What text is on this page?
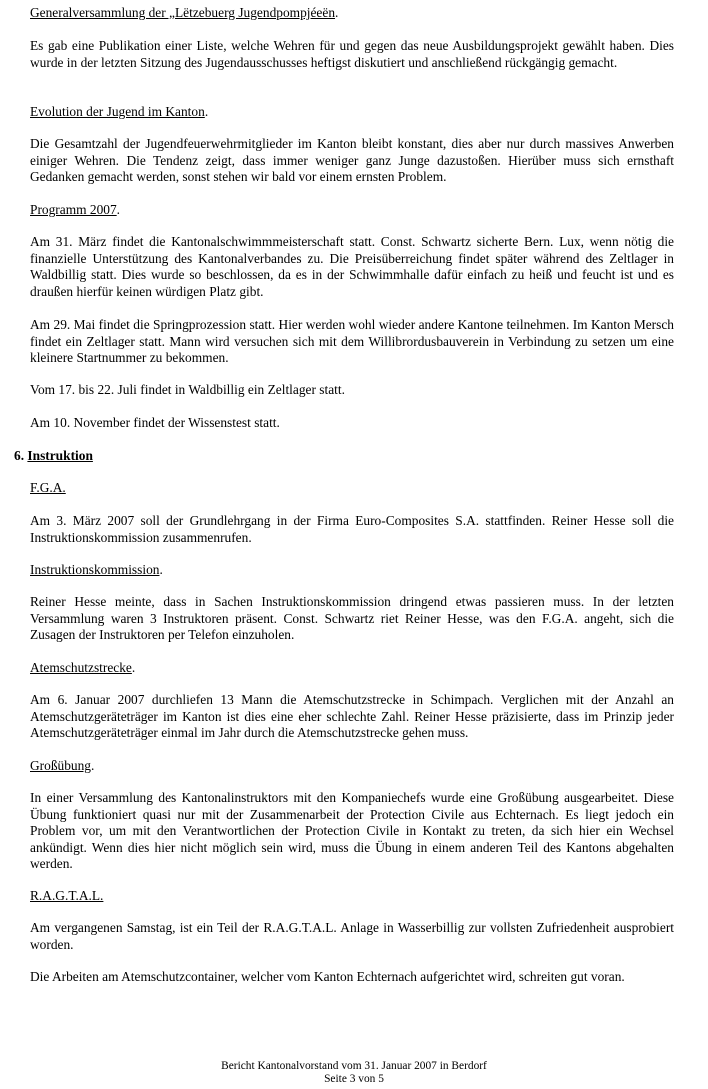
Generalversammlung der „Lëtzebuerg Jugendpompjéeën.

Es gab eine Publikation einer Liste, welche Wehren für und gegen das neue Ausbildungsprojekt gewählt haben. Dies wurde in der letzten Sitzung des Jugendausschusses heftigst diskutiert und anschließend rückgängig gemacht.

Evolution der Jugend im Kanton.

Die Gesamtzahl der Jugendfeuerwehrmitglieder im Kanton bleibt konstant, dies aber nur durch massives Anwerben einiger Wehren. Die Tendenz zeigt, dass immer weniger ganz Junge dazustoßen. Hierüber muss sich ernsthaft Gedanken gemacht werden, sonst stehen wir bald vor einem ernsten Problem.

Programm 2007.

Am 31. März findet die Kantonalschwimmmeisterschaft statt. Const. Schwartz sicherte Bern. Lux, wenn nötig die finanzielle Unterstützung des Kantonalverbandes zu. Die Preisüberreichung findet später während des Zeltlager in Waldbillig statt. Dies wurde so beschlossen, da es in der Schwimmhalle dafür einfach zu heiß und feucht ist und es draußen hierfür keinen würdigen Platz gibt.

Am 29. Mai findet die Springprozession statt. Hier werden wohl wieder andere Kantone teilnehmen. Im Kanton Mersch findet ein Zeltlager statt. Mann wird versuchen sich mit dem Willibrordusbauverein in Verbindung zu setzen um eine kleinere Startnummer zu bekommen.

Vom 17. bis 22. Juli findet in Waldbillig ein Zeltlager statt.

Am 10. November findet der Wissenstest statt.

6. Instruktion

F.G.A.

Am 3. März 2007 soll der Grundlehrgang in der Firma Euro-Composites S.A. stattfinden. Reiner Hesse soll die Instruktionskommission zusammenrufen.

Instruktionskommission.

Reiner Hesse meinte, dass in Sachen Instruktionskommission dringend etwas passieren muss. In der letzten Versammlung waren 3 Instruktoren präsent. Const. Schwartz riet Reiner Hesse, was den F.G.A. angeht, sich die Zusagen der Instruktoren per Telefon einzuholen.

Atemschutzstrecke.

Am 6. Januar 2007 durchliefen 13 Mann die Atemschutzstrecke in Schimpach. Verglichen mit der Anzahl an Atemschutzgeräteträger im Kanton ist dies eine eher schlechte Zahl. Reiner Hesse präzisierte, dass im Prinzip jeder Atemschutzgeräteträger einmal im Jahr durch die Atemschutzstrecke gehen muss.

Großübung.

In einer Versammlung des Kantonalinstruktors mit den Kompaniechefs wurde eine Großübung ausgearbeitet. Diese Übung funktioniert quasi nur mit der Zusammenarbeit der Protection Civile aus Echternach. Es liegt jedoch ein Problem vor, um mit den Verantwortlichen der Protection Civile in Kontakt zu treten, da sich hier ein Wechsel ankündigt. Wenn dies hier nicht möglich sein wird, muss die Übung in einem anderen Teil des Kantons abgehalten werden.

R.A.G.T.A.L.

Am vergangenen Samstag, ist ein Teil der R.A.G.T.A.L. Anlage in Wasserbillig zur vollsten Zufriedenheit ausprobiert worden.

Die Arbeiten am Atemschutzcontainer, welcher vom Kanton Echternach aufgerichtet wird, schreiten gut voran.

Bericht Kantonalvorstand vom 31. Januar 2007 in Berdorf
Seite 3 von 5
